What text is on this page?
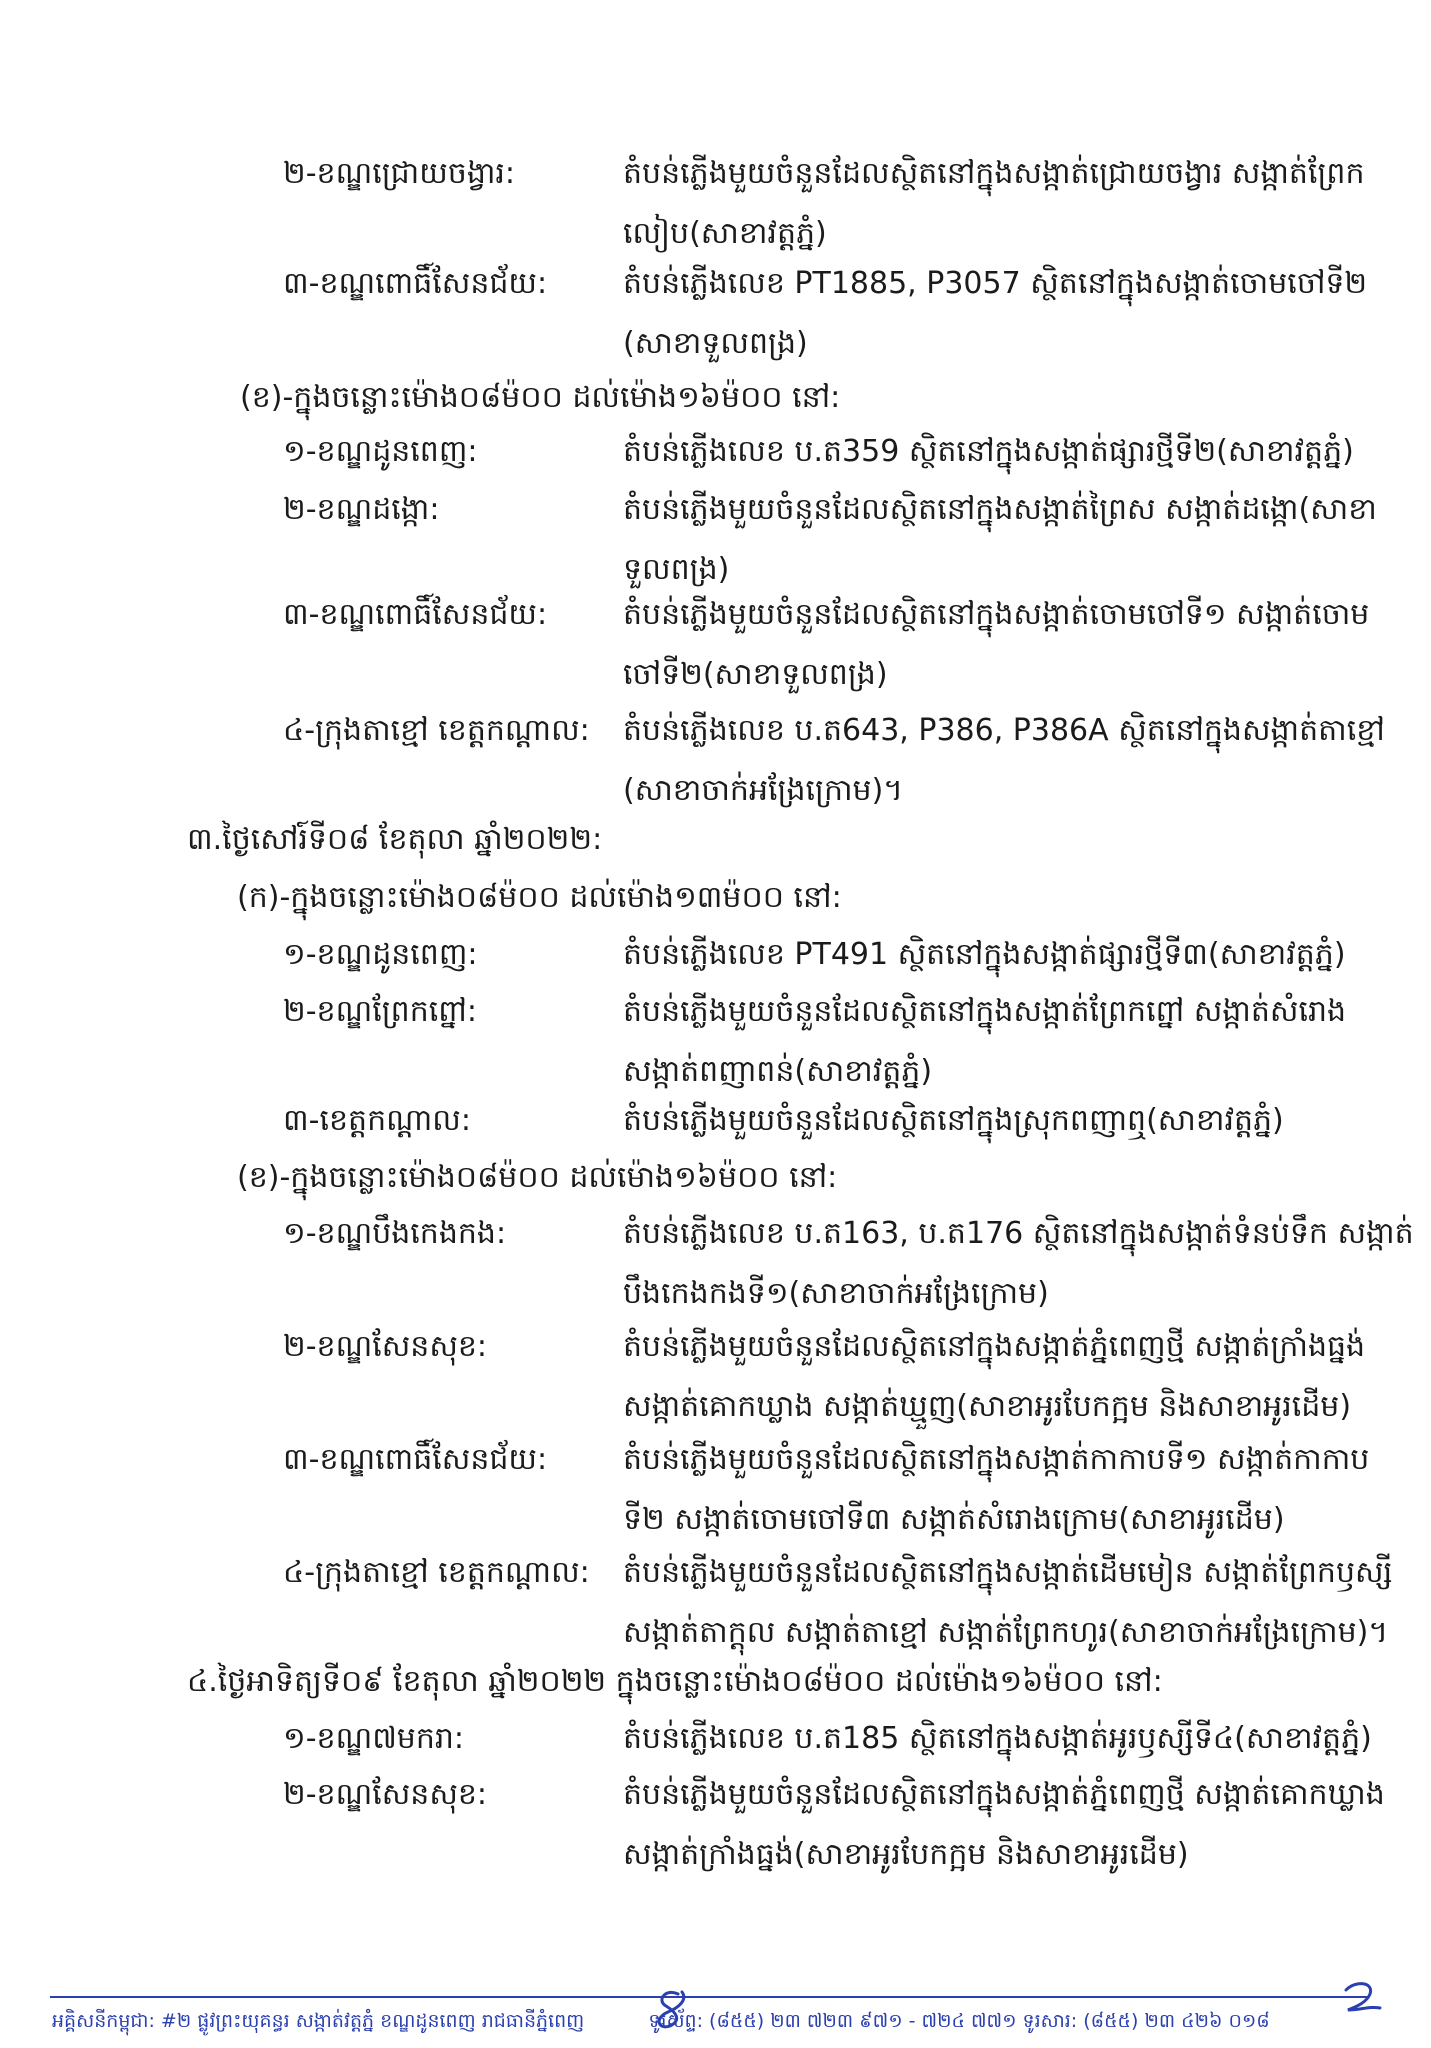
២-ខណ្ឌជ្រោយចង្វារ:	តំបន់ភ្លើងមួយចំនួនដែលស្ថិតនៅក្នុងសង្កាត់ជ្រោយចង្វារ សង្កាត់ព្រែក
លៀប(សាខាវត្តភ្នំ)
៣-ខណ្ឌពោធិ៍សែនជ័យ:	តំបន់ភ្លើងលេខ PT1885, P3057 ស្ថិតនៅក្នុងសង្កាត់ចោមចៅទី២
(សាខាទួលពង្រ)
(ខ)-ក្នុងចន្លោះម៉ោង០៨ម៉០០ ដល់ម៉ោង១៦ម៉០០ នៅ:
១-ខណ្ឌដូនពេញ:	តំបន់ភ្លើងលេខ ប.ត359 ស្ថិតនៅក្នុងសង្កាត់ផ្សារថ្មីទី២(សាខាវត្តភ្នំ)
២-ខណ្ឌដង្កោ:	តំបន់ភ្លើងមួយចំនួនដែលស្ថិតនៅក្នុងសង្កាត់ព្រៃស សង្កាត់ដង្កោ(សាខា
ទួលពង្រ)
៣-ខណ្ឌពោធិ៍សែនជ័យ:	តំបន់ភ្លើងមួយចំនួនដែលស្ថិតនៅក្នុងសង្កាត់ចោមចៅទី១ សង្កាត់ចោម
ចៅទី២(សាខាទួលពង្រ)
៤-ក្រុងតាខ្មៅ ខេត្តកណ្ដាល: តំបន់ភ្លើងលេខ ប.ត643, P386, P386A ស្ថិតនៅក្នុងសង្កាត់តាខ្មៅ
(សាខាចាក់អង្រែក្រោម)។
៣.ថ្ងៃសៅរ៍ទី០៨ ខែតុលា ឆ្នាំ២០២២:
(ក)-ក្នុងចន្លោះម៉ោង០៨ម៉០០ ដល់ម៉ោង១៣ម៉០០ នៅ:
១-ខណ្ឌដូនពេញ:	តំបន់ភ្លើងលេខ PT491 ស្ថិតនៅក្នុងសង្កាត់ផ្សារថ្មីទី៣(សាខាវត្តភ្នំ)
២-ខណ្ឌព្រែកព្នៅ:	តំបន់ភ្លើងមួយចំនួនដែលស្ថិតនៅក្នុងសង្កាត់ព្រែកព្នៅ សង្កាត់សំរោង
សង្កាត់ពញាពន់(សាខាវត្តភ្នំ)
៣-ខេត្តកណ្ដាល:	តំបន់ភ្លើងមួយចំនួនដែលស្ថិតនៅក្នុងស្រុកពញាឮ(សាខាវត្តភ្នំ)
(ខ)-ក្នុងចន្លោះម៉ោង០៨ម៉០០ ដល់ម៉ោង១៦ម៉០០ នៅ:
១-ខណ្ឌបឹងកេងកង:	តំបន់ភ្លើងលេខ ប.ត163, ប.ត176 ស្ថិតនៅក្នុងសង្កាត់ទំនប់ទឹក សង្កាត់
បឹងកេងកងទី១(សាខាចាក់អង្រែក្រោម)
២-ខណ្ឌសែនសុខ:	តំបន់ភ្លើងមួយចំនួនដែលស្ថិតនៅក្នុងសង្កាត់ភ្នំពេញថ្មី សង្កាត់ក្រាំងធ្នង់
សង្កាត់គោកឃ្លាង សង្កាត់ឃ្មួញ(សាខាអូរបែកក្អម និងសាខាអូរដើម)
៣-ខណ្ឌពោធិ៍សែនជ័យ:	តំបន់ភ្លើងមួយចំនួនដែលស្ថិតនៅក្នុងសង្កាត់កាកាបទី១ សង្កាត់កាកាប
ទី២ សង្កាត់ចោមចៅទី៣ សង្កាត់សំរោងក្រោម(សាខាអូរដើម)
៤-ក្រុងតាខ្មៅ ខេត្តកណ្ដាល: តំបន់ភ្លើងមួយចំនួនដែលស្ថិតនៅក្នុងសង្កាត់ដើមមៀន សង្កាត់ព្រែកឫស្សី
សង្កាត់តាក្ដុល សង្កាត់តាខ្មៅ សង្កាត់ព្រែកហូរ(សាខាចាក់អង្រែក្រោម)។
៤.ថ្ងៃអាទិត្យទី០៩ ខែតុលា ឆ្នាំ២០២២ ក្នុងចន្លោះម៉ោង០៨ម៉០០ ដល់ម៉ោង១៦ម៉០០ នៅ:
១-ខណ្ឌ៧មករា:	តំបន់ភ្លើងលេខ ប.ត185 ស្ថិតនៅក្នុងសង្កាត់អូរឫស្សីទី៤(សាខាវត្តភ្នំ)
២-ខណ្ឌសែនសុខ:	តំបន់ភ្លើងមួយចំនួនដែលស្ថិតនៅក្នុងសង្កាត់ភ្នំពេញថ្មី សង្កាត់គោកឃ្លាង
សង្កាត់ក្រាំងធ្នង់(សាខាអូរបែកក្អម និងសាខាអូរដើម)
អគ្គិសនីកម្ពុជា: #២ ផ្លូវព្រះយុគន្ធរ សង្កាត់វត្តភ្នំ ខណ្ឌដូនពេញ រាជធានីភ្នំពេញ	ទូរស័ព្ទ: (៨៥៥) ២៣ ៧២៣ ៩៧១ - ៧២៤ ៧៧១ ទូរសារ: (៨៥៥) ២៣ ៤២៦ ០១៨
